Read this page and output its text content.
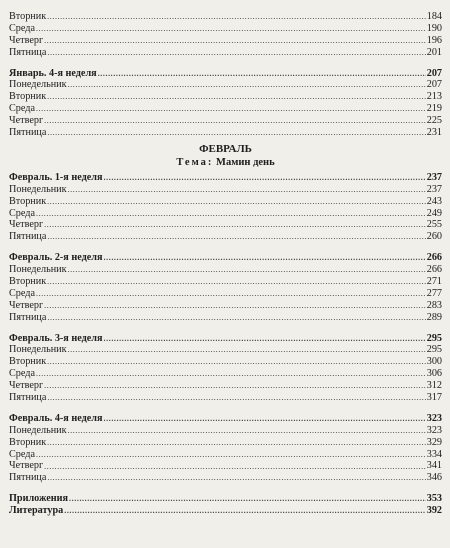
Вторник .....	184
Среда .....	190
Четверг .....	196
Пятница .....	201
Январь. 4-я неделя .....	207
Понедельник .....	207
Вторник .....	213
Среда .....	219
Четверг .....	225
Пятница .....	231
ФЕВРАЛЬ
Тема: Мамин день
Февраль. 1-я неделя .....	237
Понедельник .....	237
Вторник .....	243
Среда .....	249
Четверг .....	255
Пятница .....	260
Февраль. 2-я неделя .....	266
Понедельник .....	266
Вторник .....	271
Среда .....	277
Четверг .....	283
Пятница .....	289
Февраль. 3-я неделя .....	295
Понедельник .....	295
Вторник .....	300
Среда .....	306
Четверг .....	312
Пятница .....	317
Февраль. 4-я неделя .....	323
Понедельник .....	323
Вторник .....	329
Среда .....	334
Четверг .....	341
Пятница .....	346
Приложения .....	353
Литература .....	392
